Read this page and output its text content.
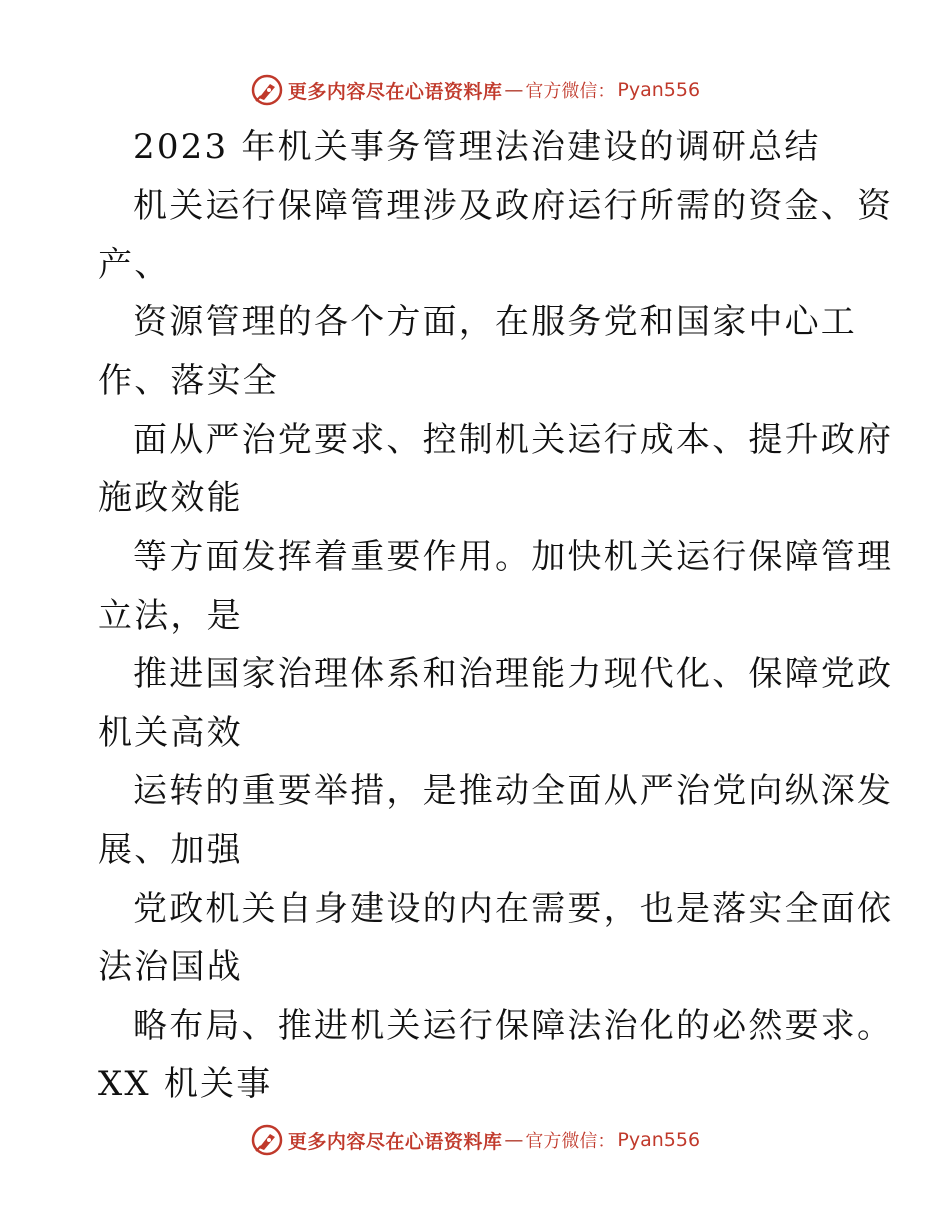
更多内容尽在心语资料库 — 官方微信： Pyan556
2023 年机关事务管理法治建设的调研总结
机关运行保障管理涉及政府运行所需的资金、资
产、
资源管理的各个方面，在服务党和国家中心工
作、落实全
面从严治党要求、控制机关运行成本、提升政府
施政效能
等方面发挥着重要作用。加快机关运行保障管理
立法，是
推进国家治理体系和治理能力现代化、保障党政
机关高效
运转的重要举措，是推动全面从严治党向纵深发
展、加强
党政机关自身建设的内在需要，也是落实全面依
法治国战
略布局、推进机关运行保障法治化的必然要求。
XX 机关事
更多内容尽在心语资料库 — 官方微信： Pyan556
